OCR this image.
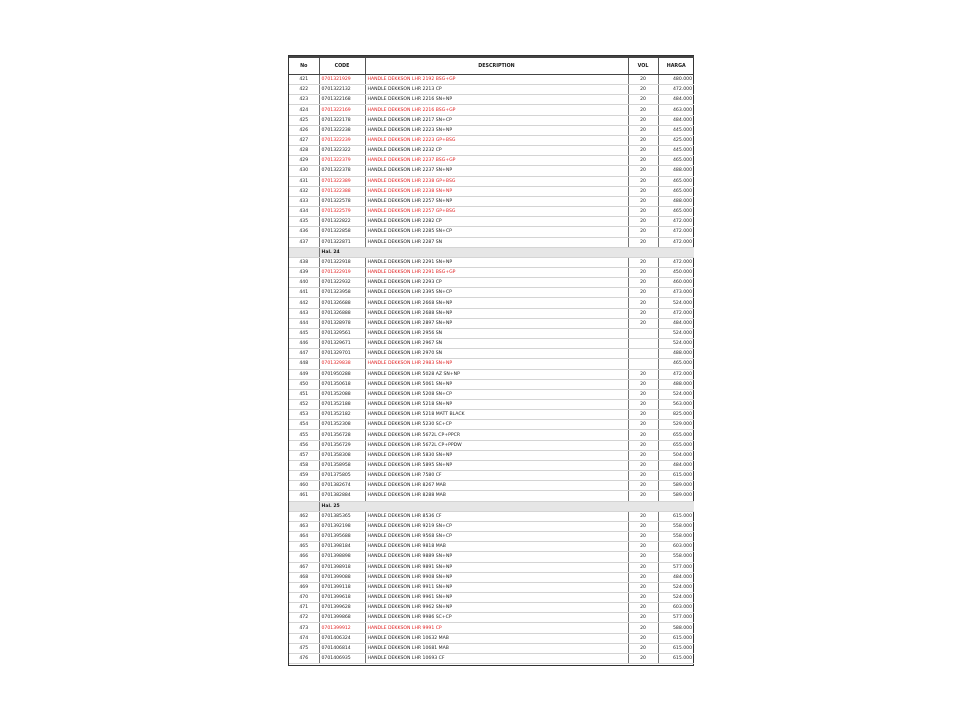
No	CODE	DESCRIPTION	VOL	HARGA
421	0701321929	HANDLE DEKKSON LHR 2192 BSG+GP	20	480.000
422	0701322132	HANDLE DEKKSON LHR 2213 CP	20	472.000
423	0701322168	HANDLE DEKKSON LHR 2216 SN+NP	20	484.000
424	0701322169	HANDLE DEKKSON LHR 2216 BSG+GP	20	463.000
425	0701322178	HANDLE DEKKSON LHR 2217 SN+CP	20	484.000
426	0701322238	HANDLE DEKKSON LHR 2223 SN+NP	20	445.000
427	0701322239	HANDLE DEKKSON LHR 2223 GP+BSG	20	425.000
428	0701322322	HANDLE DEKKSON LHR 2232 CP	20	445.000
429	0701322379	HANDLE DEKKSON LHR 2237 BSG+GP	20	465.000
430	0701322378	HANDLE DEKKSON LHR 2237 SN+NP	20	488.000
431	0701322389	HANDLE DEKKSON LHR 2238 GP+BSG	20	465.000
432	0701322388	HANDLE DEKKSON LHR 2238 SN+NP	20	465.000
433	0701322578	HANDLE DEKKSON LHR 2257 SN+NP	20	488.000
434	0701322579	HANDLE DEKKSON LHR 2257 GP+BSG	20	465.000
435	0701322822	HANDLE DEKKSON LHR 2282 CP	20	472.000
436	0701322858	HANDLE DEKKSON LHR 2285 SN+CP	20	472.000
437	0701322871	HANDLE DEKKSON LHR 2287 SN	20	472.000
	Hal. 24			
438	0701322918	HANDLE DEKKSON LHR 2291 SN+NP	20	472.000
439	0701322919	HANDLE DEKKSON LHR 2291 BSG+GP	20	450.000
440	0701322932	HANDLE DEKKSON LHR 2293 CP	20	460.000
441	0701323958	HANDLE DEKKSON LHR 2395 SN+CP	20	473.000
442	0701326688	HANDLE DEKKSON LHR 2668 SN+NP	20	524.000
443	0701326888	HANDLE DEKKSON LHR 2688 SN+NP	20	472.000
444	0701328978	HANDLE DEKKSON LHR 2897 SN+NP	20	484.000
445	0701329561	HANDLE DEKKSON LHR 2956 SN		524.000
446	0701329671	HANDLE DEKKSON LHR 2967 SN		524.000
447	0701329701	HANDLE DEKKSON LHR 2970 SN		488.000
448	0701329838	HANDLE DEKKSON LHR 2983 SN+NP		465.000
449	0701950288	HANDLE DEKKSON LHR 5028 AZ SN+NP	20	472.000
450	0701350618	HANDLE DEKKSON LHR 5061 SN+NP	20	488.000
451	0701352088	HANDLE DEKKSON LHR 5208 SN+CP	20	524.000
452	0701352188	HANDLE DEKKSON LHR 5218 SN+NP	20	563.000
453	0701352182	HANDLE DEKKSON LHR 5218 MATT BLACK	20	825.000
454	0701352308	HANDLE DEKKSON LHR 5230 SC+CP	20	529.000
455	0701356728	HANDLE DEKKSON LHR 5672L CP+PPCR	20	655.000
456	0701356729	HANDLE DEKKSON LHR 5672L CP+PPDW	20	655.000
457	0701358308	HANDLE DEKKSON LHR 5830 SN+NP	20	504.000
458	0701358958	HANDLE DEKKSON LHR 5895 SN+NP	20	484.000
459	0701375805	HANDLE DEKKSON LHR 7580 CF	20	615.000
460	0701382674	HANDLE DEKKSON LHR 8267 MAB	20	589.000
461	0701382884	HANDLE DEKKSON LHR 8288 MAB	20	589.000
	Hal. 25			
462	0701385365	HANDLE DEKKSON LHR 8536 CF	20	615.000
463	0701392198	HANDLE DEKKSON LHR 9219 SN+CP	20	558.000
464	0701395688	HANDLE DEKKSON LHR 9568 SN+CP	20	558.000
465	0701398184	HANDLE DEKKSON LHR 9818 MAB	20	603.000
466	0701398898	HANDLE DEKKSON LHR 9889 SN+NP	20	558.000
467	0701398918	HANDLE DEKKSON LHR 9891 SN+NP	20	577.000
468	0701399088	HANDLE DEKKSON LHR 9908 SN+NP	20	484.000
469	0701399118	HANDLE DEKKSON LHR 9911 SN+NP	20	524.000
470	0701399618	HANDLE DEKKSON LHR 9961 SN+NP	20	524.000
471	0701399628	HANDLE DEKKSON LHR 9962 SN+NP	20	603.000
472	0701399868	HANDLE DEKKSON LHR 9986 SC+CP	20	577.000
473	0701399912	HANDLE DEKKSON LHR 9991 CP	20	588.000
474	0701406324	HANDLE DEKKSON LHR 10632 MAB	20	615.000
475	0701406814	HANDLE DEKKSON LHR 10681 MAB	20	615.000
476	0701406935	HANDLE DEKKSON LHR 10693 CF	20	615.000
